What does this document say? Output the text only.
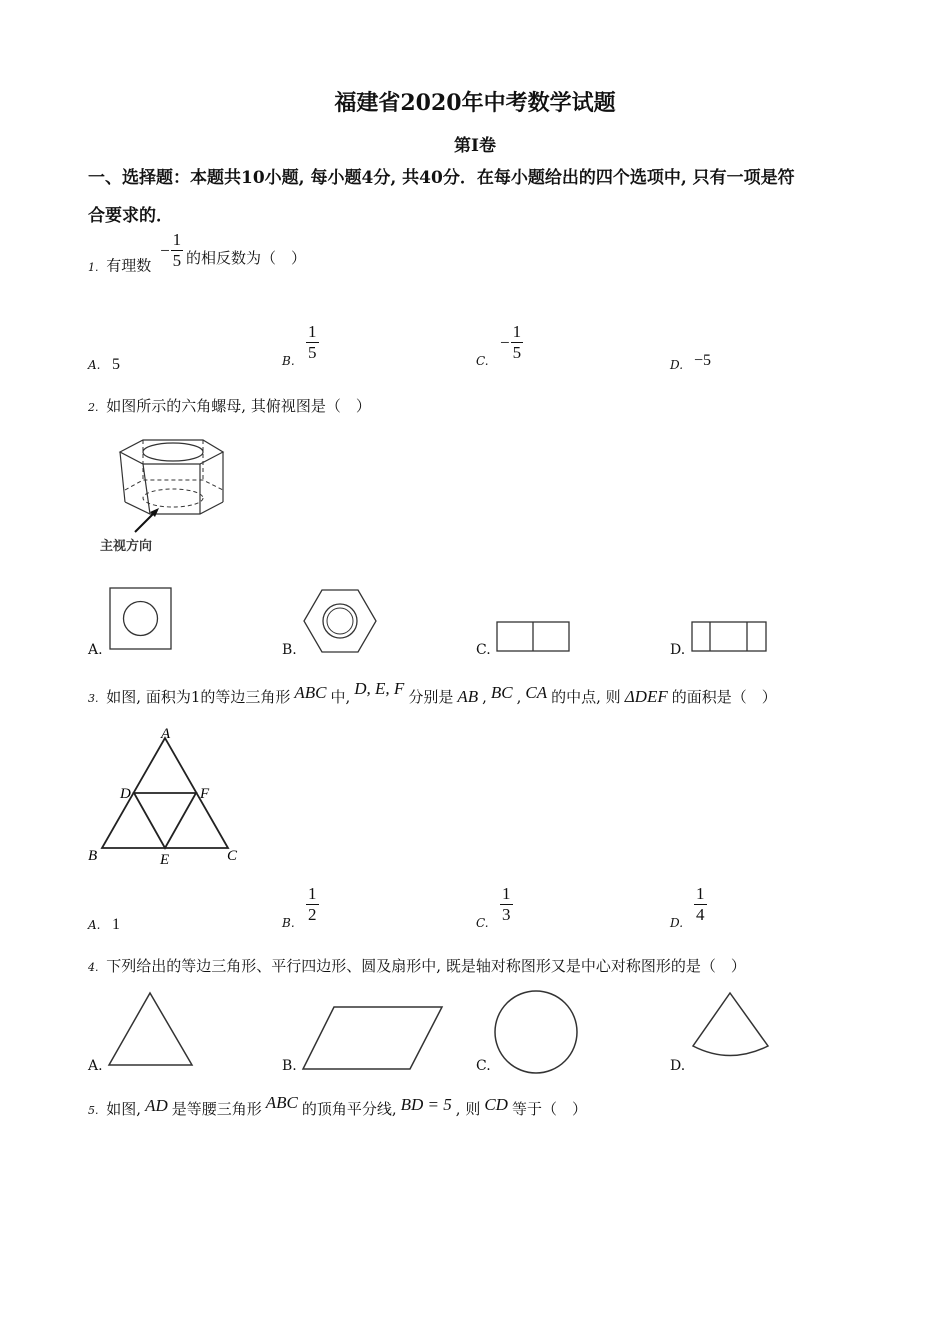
福建省2020年中考数学试题
第Ⅰ卷
一、选择题：本题共10小题, 每小题4分, 共40分．在每小题给出的四个选项中, 只有一项是符
合要求的．
1. 有理数 − $\frac{1}{5}$ 的相反数为（　）
A. 5	B. $\frac{1}{5}$	$C.- \frac{1}{5}$
D. −5
2. 如图所示的六角螺母, 其俯视图是（　）
主视方向
A.	B.	C.	D.
3. 如图, 面积为1的等边三角形 ABC 中, D, E, F 分别是 AB , BC , CA 的中点, 则 ΔDEF 的面积是（　）
A
D	F
B	E	C
A. 1	B. $\frac{1}{2}$	C. $\frac{1}{3}$	D. $\frac{1}{4}$
4. 下列给出的等边三角形、平行四边形、圆及扇形中, 既是轴对称图形又是中心对称图形的是（　）
A.	B.	C.	D.
5. 如图, AD 是等腰三角形 ABC 的顶角平分线, BD = 5 , 则 CD 等于（　）
